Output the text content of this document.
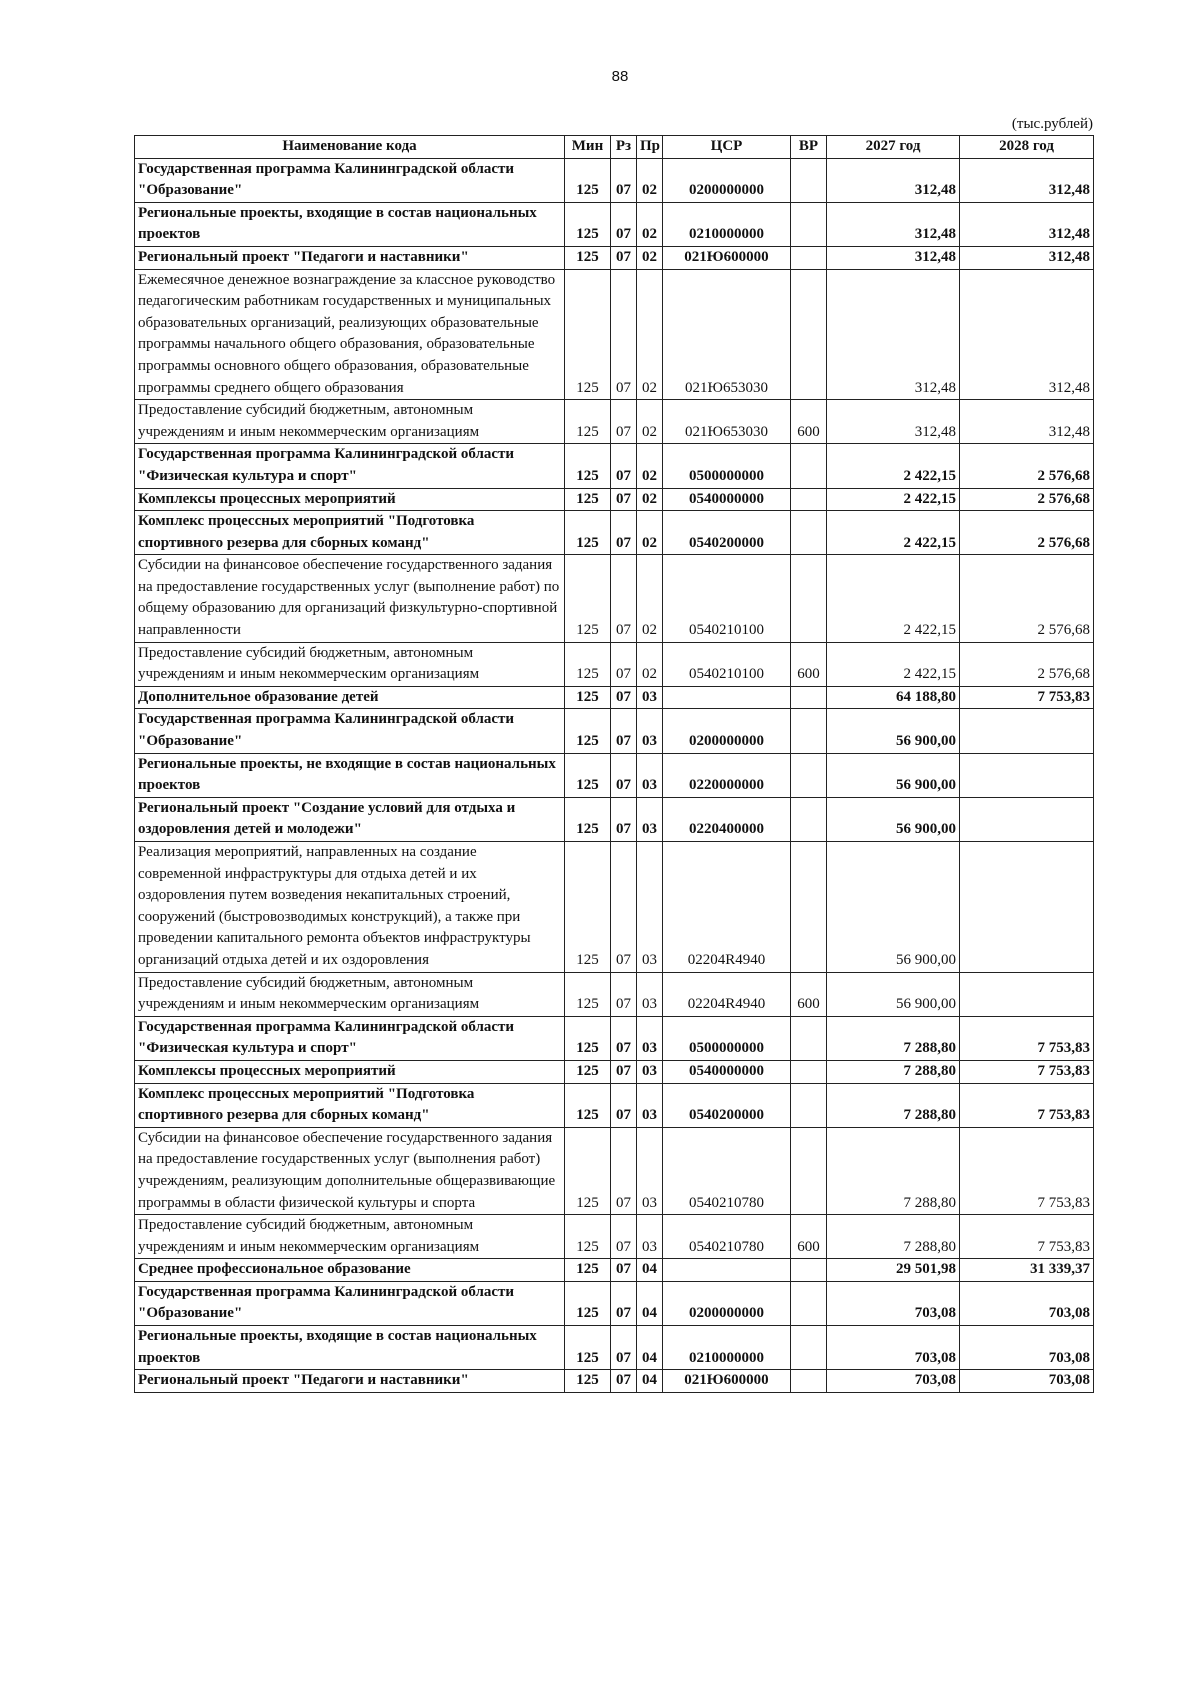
88
(тыс.рублей)
Наименование кода	Мин	Рз	Пр	ЦСР	ВР	2027 год	2028 год
Государственная программа Калининградской области "Образование"	125	07	02	0200000000		312,48	312,48
Региональные проекты, входящие в состав национальных проектов	125	07	02	0210000000		312,48	312,48
Региональный проект "Педагоги и наставники"	125	07	02	021Ю600000		312,48	312,48
Ежемесячное денежное вознаграждение за классное руководство педагогическим работникам государственных и муниципальных образовательных организаций, реализующих образовательные программы начального общего образования, образовательные программы основного общего образования, образовательные программы среднего общего образования	125	07	02	021Ю653030		312,48	312,48
Предоставление субсидий бюджетным, автономным учреждениям и иным некоммерческим организациям	125	07	02	021Ю653030	600	312,48	312,48
Государственная программа Калининградской области "Физическая культура и спорт"	125	07	02	0500000000		2 422,15	2 576,68
Комплексы процессных мероприятий	125	07	02	0540000000		2 422,15	2 576,68
Комплекс процессных мероприятий "Подготовка спортивного резерва для сборных команд"	125	07	02	0540200000		2 422,15	2 576,68
Субсидии на финансовое обеспечение государственного задания на предоставление государственных услуг (выполнение работ) по общему образованию для организаций физкультурно-спортивной направленности	125	07	02	0540210100		2 422,15	2 576,68
Предоставление субсидий бюджетным, автономным учреждениям и иным некоммерческим организациям	125	07	02	0540210100	600	2 422,15	2 576,68
Дополнительное образование детей	125	07	03			64 188,80	7 753,83
Государственная программа Калининградской области "Образование"	125	07	03	0200000000		56 900,00	
Региональные проекты, не входящие в состав национальных проектов	125	07	03	0220000000		56 900,00	
Региональный проект "Создание условий для отдыха и оздоровления детей и молодежи"	125	07	03	0220400000		56 900,00	
Реализация мероприятий, направленных на создание современной инфраструктуры для отдыха детей и их оздоровления путем возведения некапитальных строений, сооружений (быстровозводимых конструкций), а также при проведении капитального ремонта объектов инфраструктуры организаций отдыха детей и их оздоровления	125	07	03	02204R4940		56 900,00	
Предоставление субсидий бюджетным, автономным учреждениям и иным некоммерческим организациям	125	07	03	02204R4940	600	56 900,00	
Государственная программа Калининградской области "Физическая культура и спорт"	125	07	03	0500000000		7 288,80	7 753,83
Комплексы процессных мероприятий	125	07	03	0540000000		7 288,80	7 753,83
Комплекс процессных мероприятий "Подготовка спортивного резерва для сборных команд"	125	07	03	0540200000		7 288,80	7 753,83
Субсидии на финансовое обеспечение государственного задания на предоставление государственных услуг (выполнения работ) учреждениям, реализующим дополнительные общеразвивающие программы в области физической культуры и спорта	125	07	03	0540210780		7 288,80	7 753,83
Предоставление субсидий бюджетным, автономным учреждениям и иным некоммерческим организациям	125	07	03	0540210780	600	7 288,80	7 753,83
Среднее профессиональное образование	125	07	04			29 501,98	31 339,37
Государственная программа Калининградской области "Образование"	125	07	04	0200000000		703,08	703,08
Региональные проекты, входящие в состав национальных проектов	125	07	04	0210000000		703,08	703,08
Региональный проект "Педагоги и наставники"	125	07	04	021Ю600000		703,08	703,08
